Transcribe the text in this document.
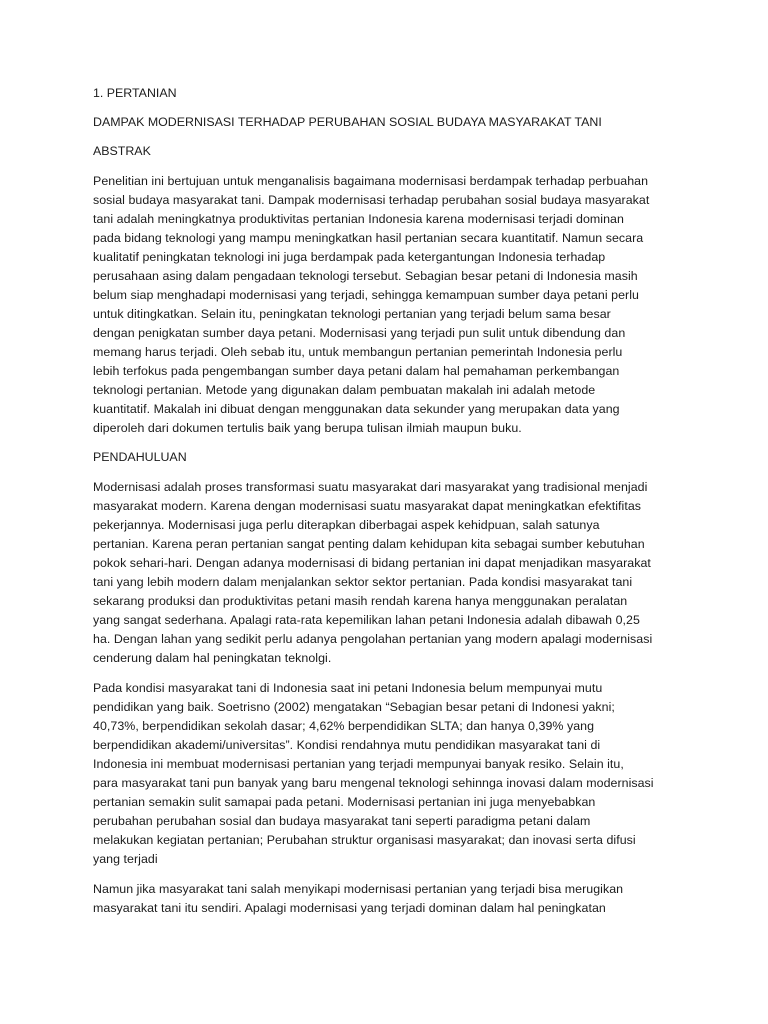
1. PERTANIAN
DAMPAK MODERNISASI TERHADAP PERUBAHAN SOSIAL BUDAYA MASYARAKAT TANI
ABSTRAK
Penelitian ini bertujuan untuk menganalisis bagaimana modernisasi berdampak terhadap perbuahan
sosial budaya masyarakat tani. Dampak modernisasi terhadap perubahan sosial budaya masyarakat
tani adalah meningkatnya produktivitas pertanian Indonesia karena modernisasi terjadi dominan
pada bidang teknologi yang mampu meningkatkan hasil pertanian secara kuantitatif. Namun secara
kualitatif peningkatan teknologi ini juga berdampak pada ketergantungan Indonesia terhadap
perusahaan asing dalam pengadaan teknologi tersebut. Sebagian besar petani di Indonesia masih
belum siap menghadapi modernisasi yang terjadi, sehingga kemampuan sumber daya petani perlu
untuk ditingkatkan. Selain itu, peningkatan teknologi pertanian yang terjadi belum sama besar
dengan penigkatan sumber daya petani. Modernisasi yang terjadi pun sulit untuk dibendung dan
memang harus terjadi. Oleh sebab itu, untuk membangun pertanian pemerintah Indonesia perlu
lebih terfokus pada pengembangan sumber daya petani dalam hal pemahaman perkembangan
teknologi pertanian. Metode yang digunakan dalam pembuatan makalah ini adalah metode
kuantitatif. Makalah ini dibuat dengan menggunakan data sekunder yang merupakan data yang
diperoleh dari dokumen tertulis baik yang berupa tulisan ilmiah maupun buku.
PENDAHULUAN
Modernisasi adalah proses transformasi suatu masyarakat dari masyarakat yang tradisional menjadi
masyarakat modern. Karena dengan modernisasi suatu masyarakat dapat meningkatkan efektifitas
pekerjannya. Modernisasi juga perlu diterapkan diberbagai aspek kehidpuan, salah satunya
pertanian. Karena peran pertanian sangat penting dalam kehidupan kita sebagai sumber kebutuhan
pokok sehari-hari. Dengan adanya modernisasi di bidang pertanian ini dapat menjadikan masyarakat
tani yang lebih modern dalam menjalankan sektor sektor pertanian. Pada kondisi masyarakat tani
sekarang produksi dan produktivitas petani masih rendah karena hanya menggunakan peralatan
yang sangat sederhana. Apalagi rata-rata kepemilikan lahan petani Indonesia adalah dibawah 0,25
ha. Dengan lahan yang sedikit perlu adanya pengolahan pertanian yang modern apalagi modernisasi
cenderung dalam hal peningkatan teknolgi.
Pada kondisi masyarakat tani di Indonesia saat ini petani Indonesia belum mempunyai mutu
pendidikan yang baik. Soetrisno (2002) mengatakan “Sebagian besar petani di Indonesi yakni;
40,73%, berpendidikan sekolah dasar; 4,62% berpendidikan SLTA; dan hanya 0,39% yang
berpendidikan akademi/universitas”. Kondisi rendahnya mutu pendidikan masyarakat tani di
Indonesia ini membuat modernisasi pertanian yang terjadi mempunyai banyak resiko. Selain itu,
para masyarakat tani pun banyak yang baru mengenal teknologi sehinnga inovasi dalam modernisasi
pertanian semakin sulit samapai pada petani. Modernisasi pertanian ini juga menyebabkan
perubahan perubahan sosial dan budaya masyarakat tani seperti paradigma petani dalam
melakukan kegiatan pertanian; Perubahan struktur organisasi masyarakat; dan inovasi serta difusi
yang terjadi
Namun jika masyarakat tani salah menyikapi modernisasi pertanian yang terjadi bisa merugikan
masyarakat tani itu sendiri. Apalagi modernisasi yang terjadi dominan dalam hal peningkatan
